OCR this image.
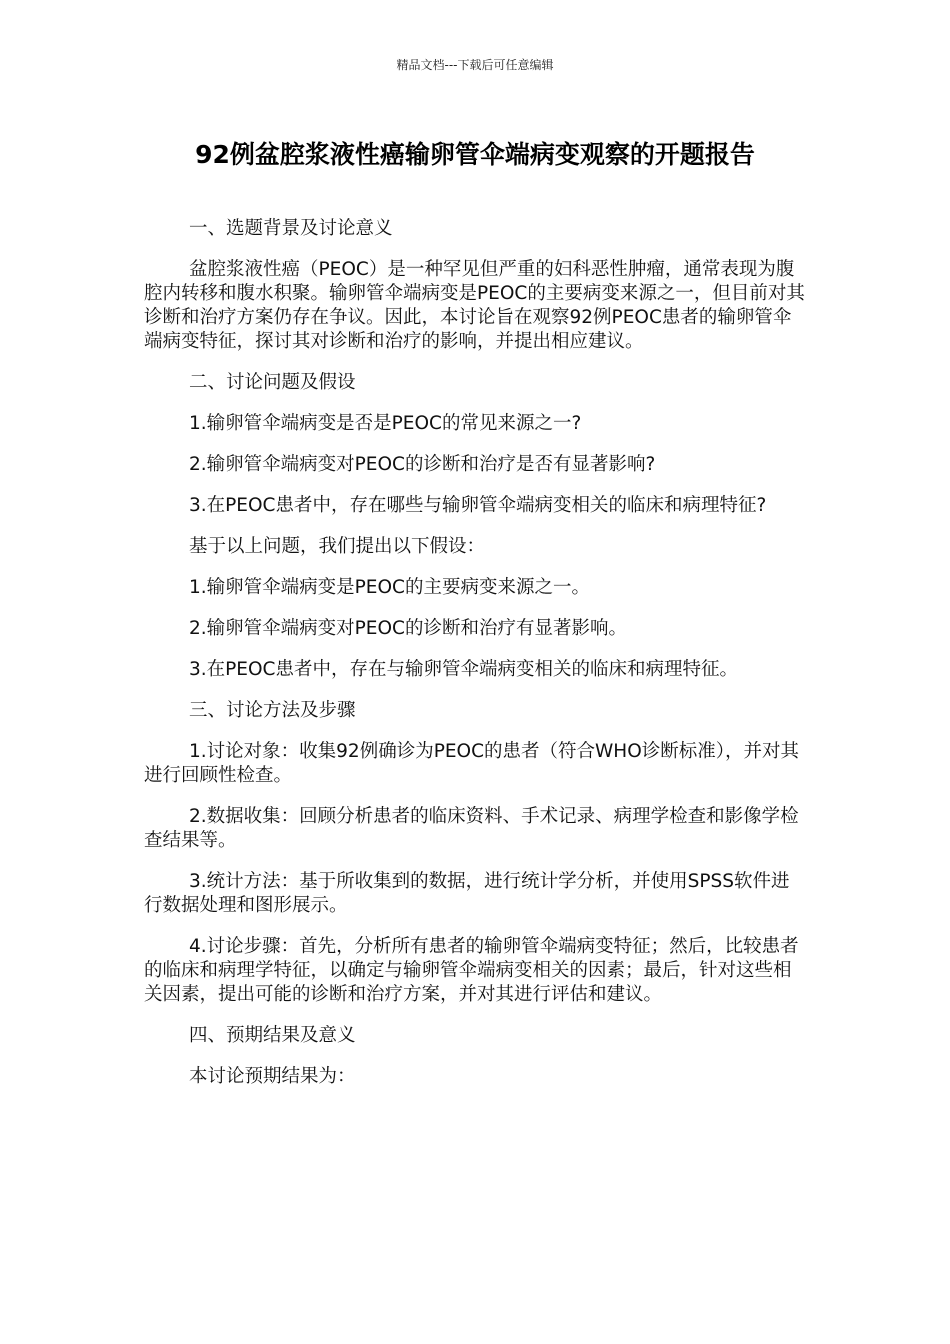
精品文档---下载后可任意编辑
92例盆腔浆液性癌输卵管伞端病变观察的开题报告

一、选题背景及讨论意义

盆腔浆液性癌（PEOC）是一种罕见但严重的妇科恶性肿瘤，通常表现为腹腔内转移和腹水积聚。输卵管伞端病变是PEOC的主要病变来源之一，但目前对其诊断和治疗方案仍存在争议。因此，本讨论旨在观察92例PEOC患者的输卵管伞端病变特征，探讨其对诊断和治疗的影响，并提出相应建议。

二、讨论问题及假设

1.输卵管伞端病变是否是PEOC的常见来源之一?

2.输卵管伞端病变对PEOC的诊断和治疗是否有显著影响?

3.在PEOC患者中，存在哪些与输卵管伞端病变相关的临床和病理特征?

基于以上问题，我们提出以下假设：

1.输卵管伞端病变是PEOC的主要病变来源之一。

2.输卵管伞端病变对PEOC的诊断和治疗有显著影响。

3.在PEOC患者中，存在与输卵管伞端病变相关的临床和病理特征。

三、讨论方法及步骤

1.讨论对象：收集92例确诊为PEOC的患者（符合WHO诊断标准），并对其进行回顾性检查。

2.数据收集：回顾分析患者的临床资料、手术记录、病理学检查和影像学检查结果等。

3.统计方法：基于所收集到的数据，进行统计学分析，并使用SPSS软件进行数据处理和图形展示。

4.讨论步骤：首先，分析所有患者的输卵管伞端病变特征；然后，比较患者的临床和病理学特征，以确定与输卵管伞端病变相关的因素；最后，针对这些相关因素，提出可能的诊断和治疗方案，并对其进行评估和建议。

四、预期结果及意义

本讨论预期结果为：
